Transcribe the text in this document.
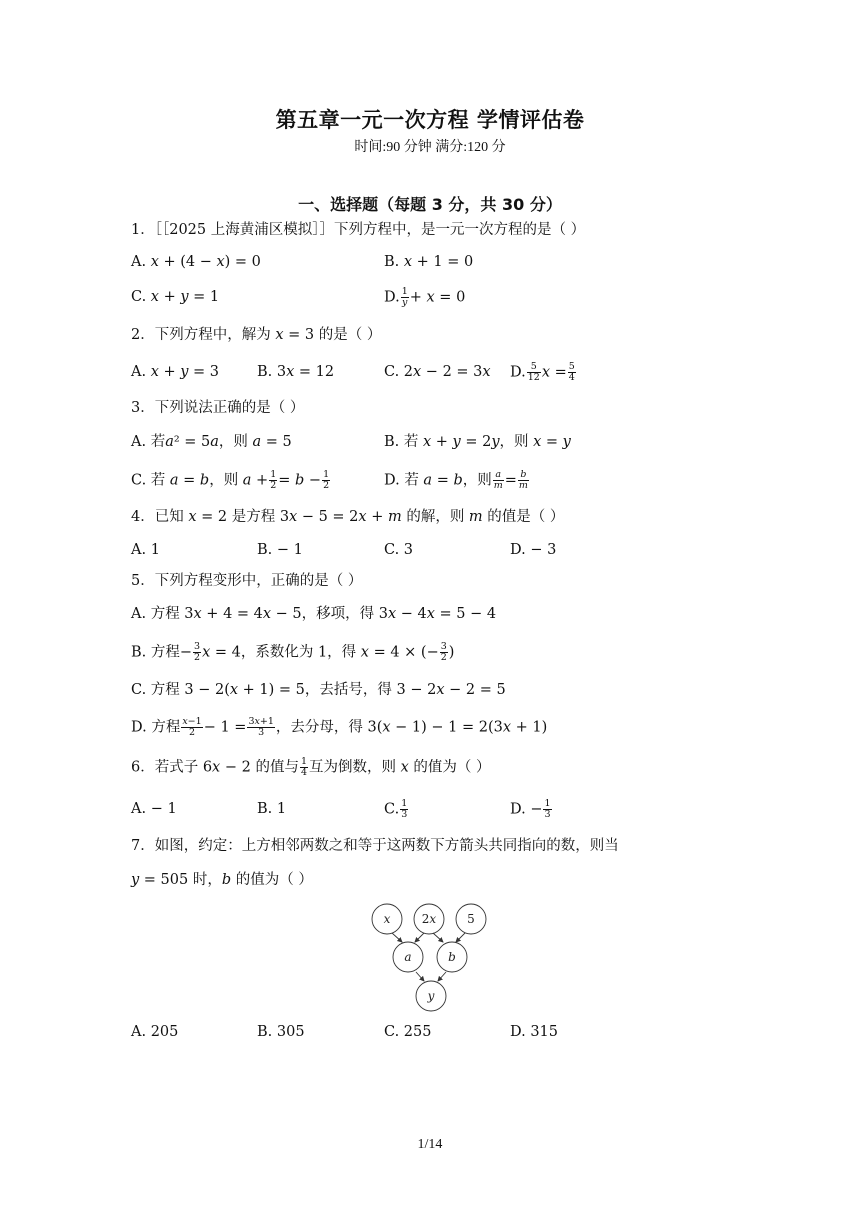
第五章一元一次方程 学情评估卷
时间:90 分钟 满分:120 分
一、选择题（每题 3 分，共 30 分）
1．［［2025 上海黄浦区模拟］］下列方程中，是一元一次方程的是（ ）
A. 𝑥 + (4 − 𝑥) = 0	B. 𝑥 + 1 = 0
C. 𝑥 + 𝑦 = 1	D. $\frac{1}{\text{𝑦}}$ + 𝑥 = 0
2．下列方程中，解为 𝑥 = 3 的是（ ）
A. 𝑥 + 𝑦 = 3	B. 3𝑥 = 12	C. 2𝑥 − 2 = 3𝑥 D. $\frac{5}{12}$ 𝑥 = $\frac{5}{4}$
3．下列说法正确的是（ ）
A. 若𝑎² = 5𝑎，则 𝑎 = 5	B. 若 𝑥 + 𝑦 = 2𝑦，则 𝑥 = 𝑦
C. 若 𝑎 = 𝑏，则 𝑎 + $\frac{1}{2}$ = 𝑏 − $\frac{1}{2}$	D. 若 𝑎 = 𝑏，则 $\frac{\text{𝑎}}{\text{𝑚}} = \frac{\text{𝑏}}{\text{𝑚}}$
4．已知 𝑥 = 2 是方程 3𝑥 − 5 = 2𝑥 + 𝑚 的解，则 𝑚 的值是（ ）
A. 1	B. − 1	C. 3	D. − 3
5．下列方程变形中，正确的是（ ）
A. 方程 3𝑥 + 4 = 4𝑥 − 5，移项，得 3𝑥 − 4𝑥 = 5 − 4
B. 方程− $\frac{3}{2}$ 𝑥 = 4，系数化为 1，得 𝑥 = 4 × (− $\frac{3}{2}$ )
C. 方程 3 − 2(𝑥 + 1) = 5，去括号，得 3 − 2𝑥 − 2 = 5
D. 方程 $\frac{\text{𝑥−1}}{2} - 1 = \frac{\text{3𝑥+1}}{3}$ ，去分母，得 3(𝑥 − 1) − 1 = 2(3𝑥 + 1)
6．若式子 6𝑥 − 2 的值与 $\frac{1}{4}$ 互为倒数，则 𝑥 的值为（ ）
A. − 1	B. 1	C. $\frac{1}{3}$	D. − $\frac{1}{3}$
7．如图，约定：上方相邻两数之和等于这两数下方箭头共同指向的数，则当
𝑦 = 505 时，𝑏 的值为（ ）
𝑥	2𝑥	5
𝑎	𝑏
𝑦
A. 205	B. 305	C. 255	D. 315
1/14
